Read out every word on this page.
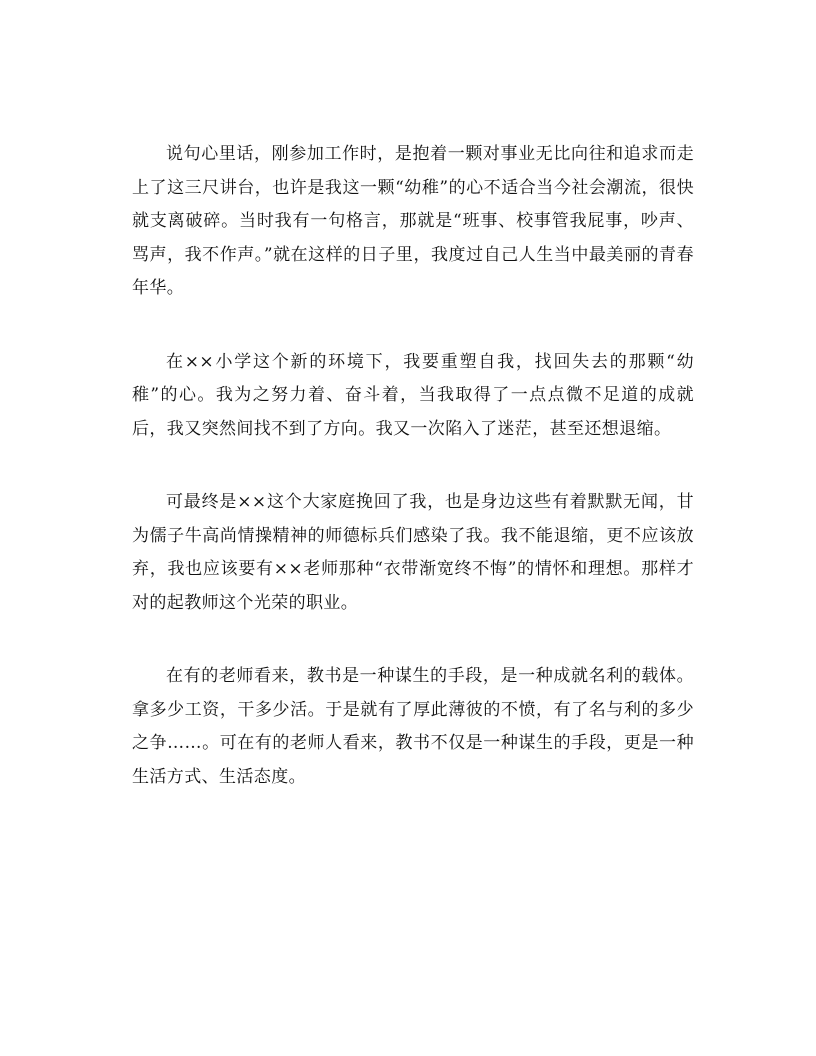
说句心里话，刚参加工作时，是抱着一颗对事业无比向往和追求而走上了这三尺讲台，也许是我这一颗“幼稚”的心不适合当今社会潮流，很快就支离破碎。当时我有一句格言，那就是“班事、校事管我屁事，吵声、骂声，我不作声。”就在这样的日子里，我度过自己人生当中最美丽的青春年华。

在××小学这个新的环境下，我要重塑自我，找回失去的那颗“幼稚”的心。我为之努力着、奋斗着，当我取得了一点点微不足道的成就后，我又突然间找不到了方向。我又一次陷入了迷茫，甚至还想退缩。

可最终是××这个大家庭挽回了我，也是身边这些有着默默无闻，甘为儒子牛高尚情操精神的师德标兵们感染了我。我不能退缩，更不应该放弃，我也应该要有××老师那种“衣带渐宽终不悔”的情怀和理想。那样才对的起教师这个光荣的职业。

在有的老师看来，教书是一种谋生的手段，是一种成就名利的载体。拿多少工资，干多少活。于是就有了厚此薄彼的不愤，有了名与利的多少之争……。可在有的老师人看来，教书不仅是一种谋生的手段，更是一种生活方式、生活态度。
